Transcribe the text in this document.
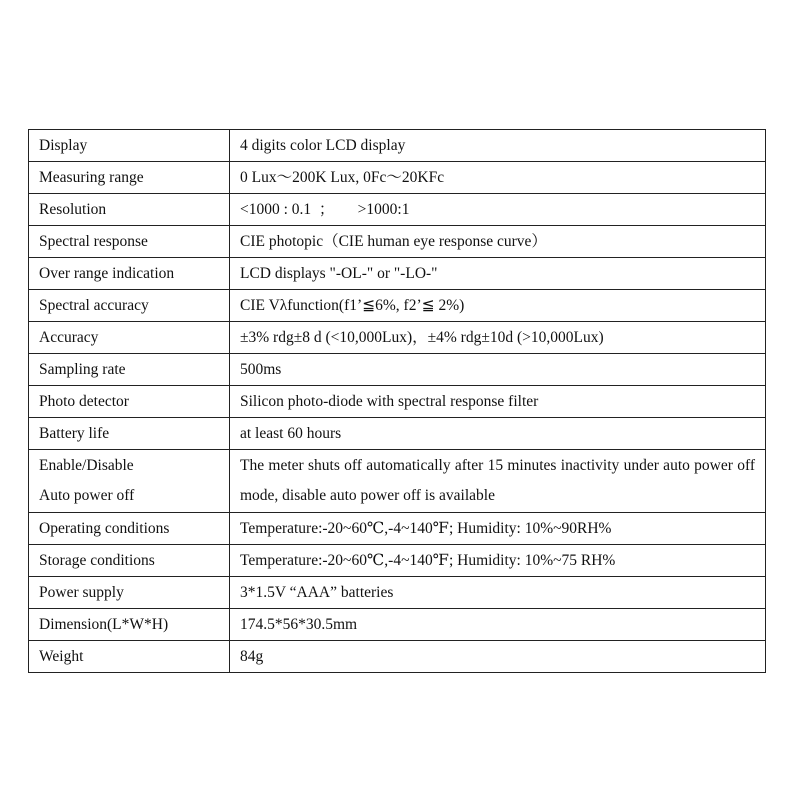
Display	4 digits color LCD display
Measuring range	0 Lux～200K Lux, 0Fc～20KFc
Resolution	<1000 : 0.1  ；      >1000:1
Spectral response	CIE photopic（CIE human eye response curve）
Over range indication	LCD displays "-OL-" or "-LO-"
Spectral accuracy	CIE Vλfunction(f1’≦6%, f2’≦ 2%)
Accuracy	±3% rdg±8 d (<10,000Lux)，±4% rdg±10d (>10,000Lux)
Sampling rate	500ms
Photo detector	Silicon photo-diode with spectral response filter
Battery life	at least 60 hours

Enable/Disable
Auto power off	The meter shuts off automatically after 15 minutes inactivity under auto power off mode, disable auto power off is available
Operating conditions	Temperature:-20~60℃,-4~140℉; Humidity: 10%~90RH%
Storage conditions	Temperature:-20~60℃,-4~140℉; Humidity: 10%~75 RH%
Power supply	3*1.5V “AAA” batteries
Dimension(L*W*H)	174.5*56*30.5mm
Weight	84g
